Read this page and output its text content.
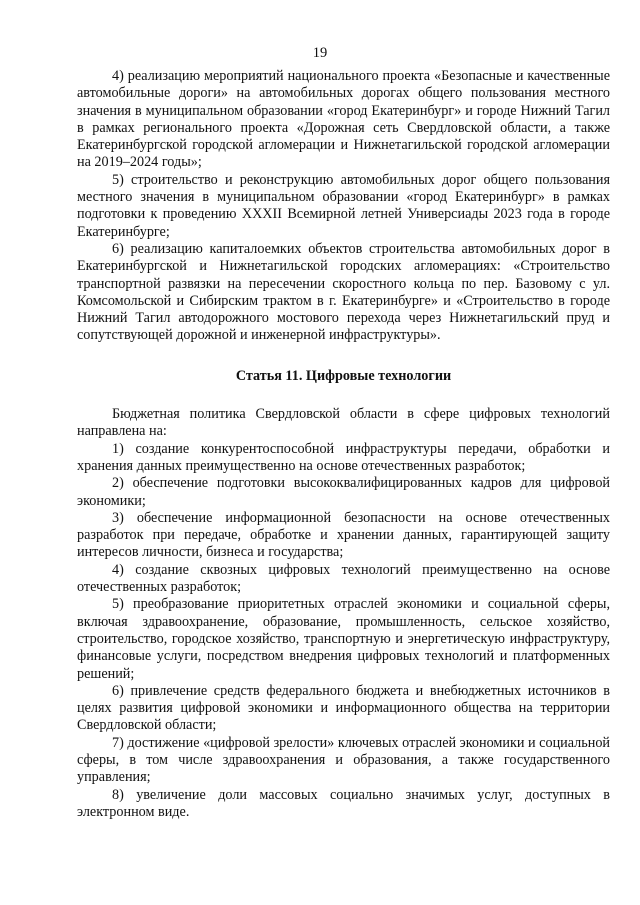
19

4) реализацию мероприятий национального проекта «Безопасные и качественные автомобильные дороги» на автомобильных дорогах общего пользования местного значения в муниципальном образовании «город Екатеринбург» и городе Нижний Тагил в рамках регионального проекта «Дорожная сеть Свердловской области, а также Екатеринбургской городской агломерации и Нижнетагильской городской агломерации на 2019–2024 годы»;

5) строительство и реконструкцию автомобильных дорог общего пользования местного значения в муниципальном образовании «город Екатеринбург» в рамках подготовки к проведению XXXII Всемирной летней Универсиады 2023 года в городе Екатеринбурге;

6) реализацию капиталоемких объектов строительства автомобильных дорог в Екатеринбургской и Нижнетагильской городских агломерациях: «Строительство транспортной развязки на пересечении скоростного кольца по пер. Базовому с ул. Комсомольской и Сибирским трактом в г. Екатеринбурге» и «Строительство в городе Нижний Тагил автодорожного мостового перехода через Нижнетагильский пруд и сопутствующей дорожной и инженерной инфраструктуры».

Статья 11. Цифровые технологии

Бюджетная политика Свердловской области в сфере цифровых технологий направлена на:

1) создание конкурентоспособной инфраструктуры передачи, обработки и хранения данных преимущественно на основе отечественных разработок;

2) обеспечение подготовки высококвалифицированных кадров для цифровой экономики;

3) обеспечение информационной безопасности на основе отечественных разработок при передаче, обработке и хранении данных, гарантирующей защиту интересов личности, бизнеса и государства;

4) создание сквозных цифровых технологий преимущественно на основе отечественных разработок;

5) преобразование приоритетных отраслей экономики и социальной сферы, включая здравоохранение, образование, промышленность, сельское хозяйство, строительство, городское хозяйство, транспортную и энергетическую инфраструктуру, финансовые услуги, посредством внедрения цифровых технологий и платформенных решений;

6) привлечение средств федерального бюджета и внебюджетных источников в целях развития цифровой экономики и информационного общества на территории Свердловской области;

7) достижение «цифровой зрелости» ключевых отраслей экономики и социальной сферы, в том числе здравоохранения и образования, а также государственного управления;

8) увеличение доли массовых социально значимых услуг, доступных в электронном виде.
